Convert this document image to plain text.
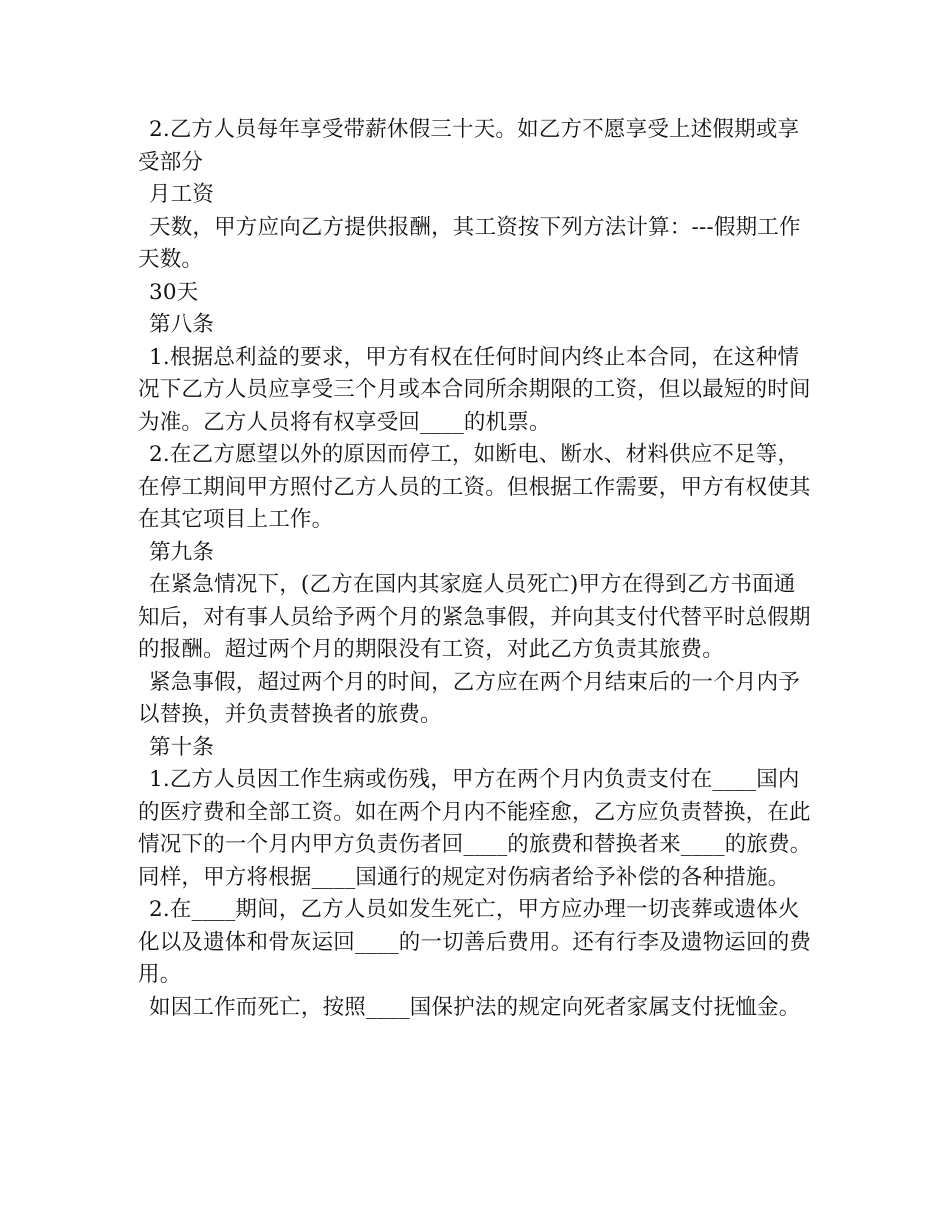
2.乙方人员每年享受带薪休假三十天。如乙方不愿享受上述假期或享受部分

月工资

天数，甲方应向乙方提供报酬，其工资按下列方法计算：---假期工作天数。

30天

第八条

1.根据总利益的要求，甲方有权在任何时间内终止本合同，在这种情况下乙方人员应享受三个月或本合同所余期限的工资，但以最短的时间为准。乙方人员将有权享受回____的机票。

2.在乙方愿望以外的原因而停工，如断电、断水、材料供应不足等，在停工期间甲方照付乙方人员的工资。但根据工作需要，甲方有权使其在其它项目上工作。

第九条

在紧急情况下，(乙方在国内其家庭人员死亡)甲方在得到乙方书面通知后，对有事人员给予两个月的紧急事假，并向其支付代替平时总假期的报酬。超过两个月的期限没有工资，对此乙方负责其旅费。

紧急事假，超过两个月的时间，乙方应在两个月结束后的一个月内予以替换，并负责替换者的旅费。

第十条

1.乙方人员因工作生病或伤残，甲方在两个月内负责支付在____国内的医疗费和全部工资。如在两个月内不能痊愈，乙方应负责替换，在此情况下的一个月内甲方负责伤者回____的旅费和替换者来____的旅费。同样，甲方将根据____国通行的规定对伤病者给予补偿的各种措施。

2.在____期间，乙方人员如发生死亡，甲方应办理一切丧葬或遗体火化以及遗体和骨灰运回____的一切善后费用。还有行李及遗物运回的费用。

如因工作而死亡，按照____国保护法的规定向死者家属支付抚恤金。
